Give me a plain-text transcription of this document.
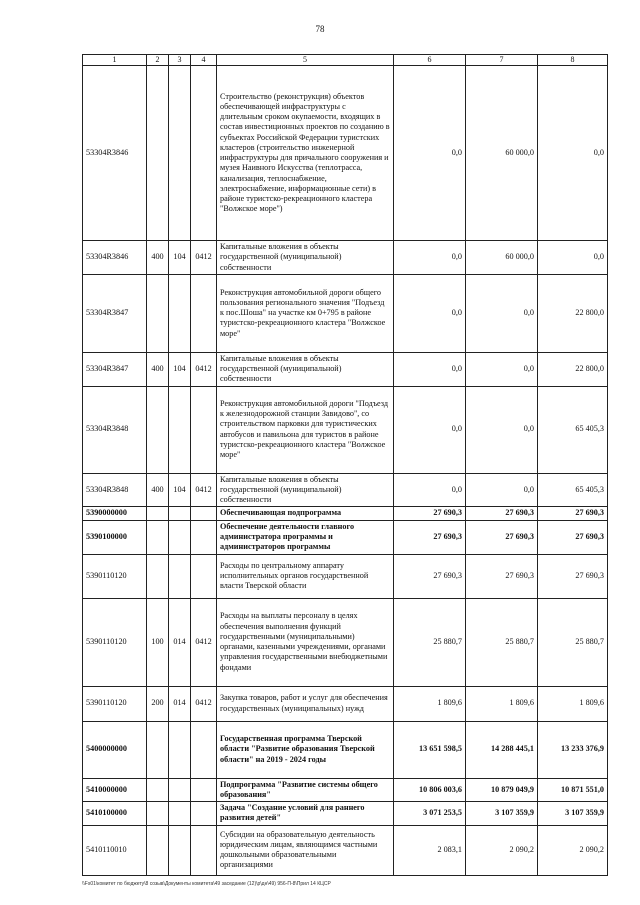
78
1	2	3	4	5	6	7	8
53304R3846				Строительство (реконструкция) объектов обеспечивающей инфраструктуры с длительным сроком окупаемости, входящих в состав инвестиционных проектов по созданию в субъектах Российской Федерации туристских кластеров (строительство инженерной инфраструктуры для причального сооружения и музея Наивного Искусства (теплотрасса, канализация, теплоснабжение, электроснабжение, информационные сети) в районе туристско-рекреационного кластера "Волжское море")	0,0	60 000,0	0,0
53304R3846	400	104	0412	Капитальные вложения в объекты государственной (муниципальной) собственности	0,0	60 000,0	0,0
53304R3847				Реконструкция автомобильной дороги общего пользования регионального значения "Подъезд к пос.Шоша" на участке км 0+795 в районе туристско-рекреационного кластера "Волжское море"	0,0	0,0	22 800,0
53304R3847	400	104	0412	Капитальные вложения в объекты государственной (муниципальной) собственности	0,0	0,0	22 800,0
53304R3848				Реконструкция автомобильной дороги "Подъезд к железнодорожной станции Завидово", со строительством парковки для туристических автобусов и павильона для туристов в районе туристско-рекреационного кластера "Волжское море"	0,0	0,0	65 405,3
53304R3848	400	104	0412	Капитальные вложения в объекты государственной (муниципальной) собственности	0,0	0,0	65 405,3
5390000000				Обеспечивающая подпрограмма	27 690,3	27 690,3	27 690,3
5390100000				Обеспечение деятельности главного администратора программы и администраторов программы	27 690,3	27 690,3	27 690,3
5390110120				Расходы по центральному аппарату исполнительных органов государственной власти Тверской области	27 690,3	27 690,3	27 690,3
5390110120	100	014	0412	Расходы на выплаты персоналу в целях обеспечения выполнения функций государственными (муниципальными) органами, казенными учреждениями, органами управления государственными внебюджетными фондами	25 880,7	25 880,7	25 880,7
5390110120	200	014	0412	Закупка товаров, работ и услуг для обеспечения государственных (муниципальных) нужд	1 809,6	1 809,6	1 809,6
5400000000				Государственная программа Тверской области "Развитие образования Тверской области" на 2019 - 2024 годы	13 651 598,5	14 288 445,1	13 233 376,9
5410000000				Подпрограмма "Развитие системы общего образования"	10 806 003,6	10 879 049,9	10 871 551,0
5410100000				Задача "Создание условий для раннего развития детей"	3 071 253,5	3 107 359,9	3 107 359,9
5410110010				Субсидии на образовательную деятельность юридическим лицам, являющимся частными дошкольными образовательными организациями	2 083,1	2 090,2	2 090,2
\\Fs01\комитет по бюджету\8 созыв\Документы комитета\49 заседание (12)\р\дн\49) 956-П-8\Прил 14 КЦСР
